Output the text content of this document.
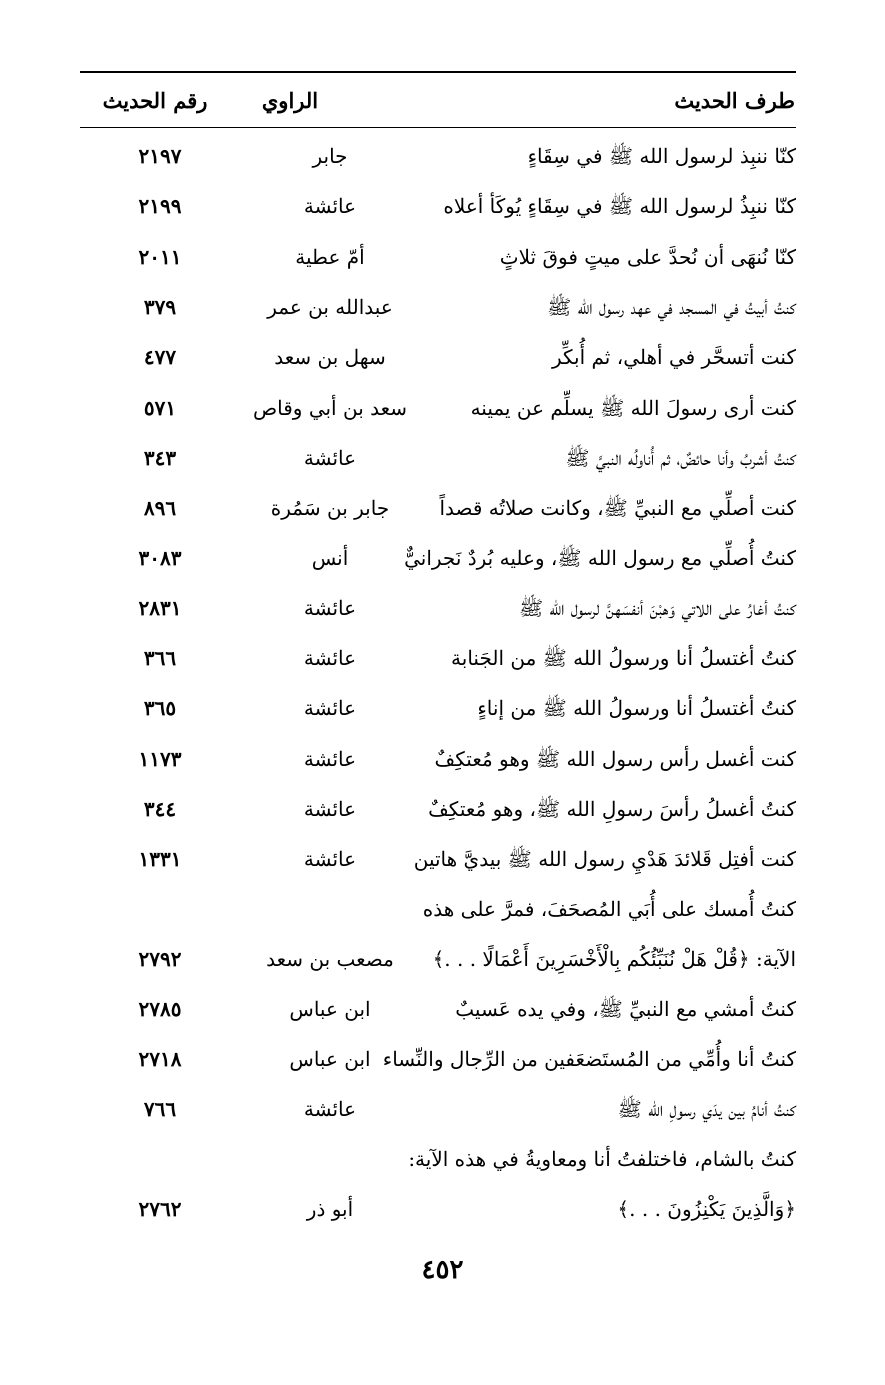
طرف الحديث
الراوي
رقم الحديث
كنّا ننبِذ لرسول الله ﷺ في سِقَاءٍ
جابر
٢١٩٧
كنّا ننبِذُ لرسول الله ﷺ في سِقَاءٍ يُوكَأ أعلاه
عائشة
٢١٩٩
كنّا نُنهَى أن نُحدَّ على ميتٍ فوقَ ثلاثٍ
أمّ عطية
٢٠١١
كنتُ أبيتُ في المسجد في عهد رسول الله ﷺ
عبدالله بن عمر
٣٧٩
كنت أتسحَّر في أهلي، ثم أُبكِّر
سهل بن سعد
٤٧٧
كنت أرى رسولَ الله ﷺ يسلِّم عن يمينه
سعد بن أبي وقاص
٥٧١
كنتُ أشربُ وأنا حائضٌ، ثم أُناولُه النبيَّ ﷺ
عائشة
٣٤٣
كنت أصلِّي مع النبيِّ ﷺ، وكانت صلاتُه قصداً
جابر بن سَمُرة
٨٩٦
كنتُ أُصلِّي مع رسول الله ﷺ، وعليه بُردٌ نَجرانيٌّ
أنس
٣٠٨٣
كنتُ أغارُ على اللاتي وَهبْنَ أنفسَهنَّ لرسول الله ﷺ
عائشة
٢٨٣١
كنتُ أغتسلُ أنا ورسولُ الله ﷺ من الجَنابة
عائشة
٣٦٦
كنتُ أغتسلُ أنا ورسولُ الله ﷺ من إناءٍ
عائشة
٣٦٥
كنت أغسل رأس رسول الله ﷺ وهو مُعتكِفٌ
عائشة
١١٧٣
كنتُ أغسلُ رأسَ رسولِ الله ﷺ، وهو مُعتكِفٌ
عائشة
٣٤٤
كنت أفتِل قَلائدَ هَدْيِ رسول الله ﷺ بيديَّ هاتين
عائشة
١٣٣١
كنتُ أُمسك على أُبَي المُصحَفَ، فمرَّ على هذه
الآية: ﴿قُلْ هَلْ نُنَبِّئُكُم بِالْأَخْسَرِينَ أَعْمَالًا . . .﴾
مصعب بن سعد
٢٧٩٢
كنتُ أمشي مع النبيِّ ﷺ، وفي يده عَسيبٌ
ابن عباس
٢٧٨٥
كنتُ أنا وأُمِّي من المُستَضعَفين من الرِّجال والنِّساء
ابن عباس
٢٧١٨
كنتُ أنامُ بين يدَي رسولِ الله ﷺ
عائشة
٧٦٦
كنتُ بالشام، فاختلفتُ أنا ومعاويةُ في هذه الآية:
﴿وَالَّذِينَ يَكْنِزُونَ . . .﴾
أبو ذر
٢٧٦٢
٤٥٢
